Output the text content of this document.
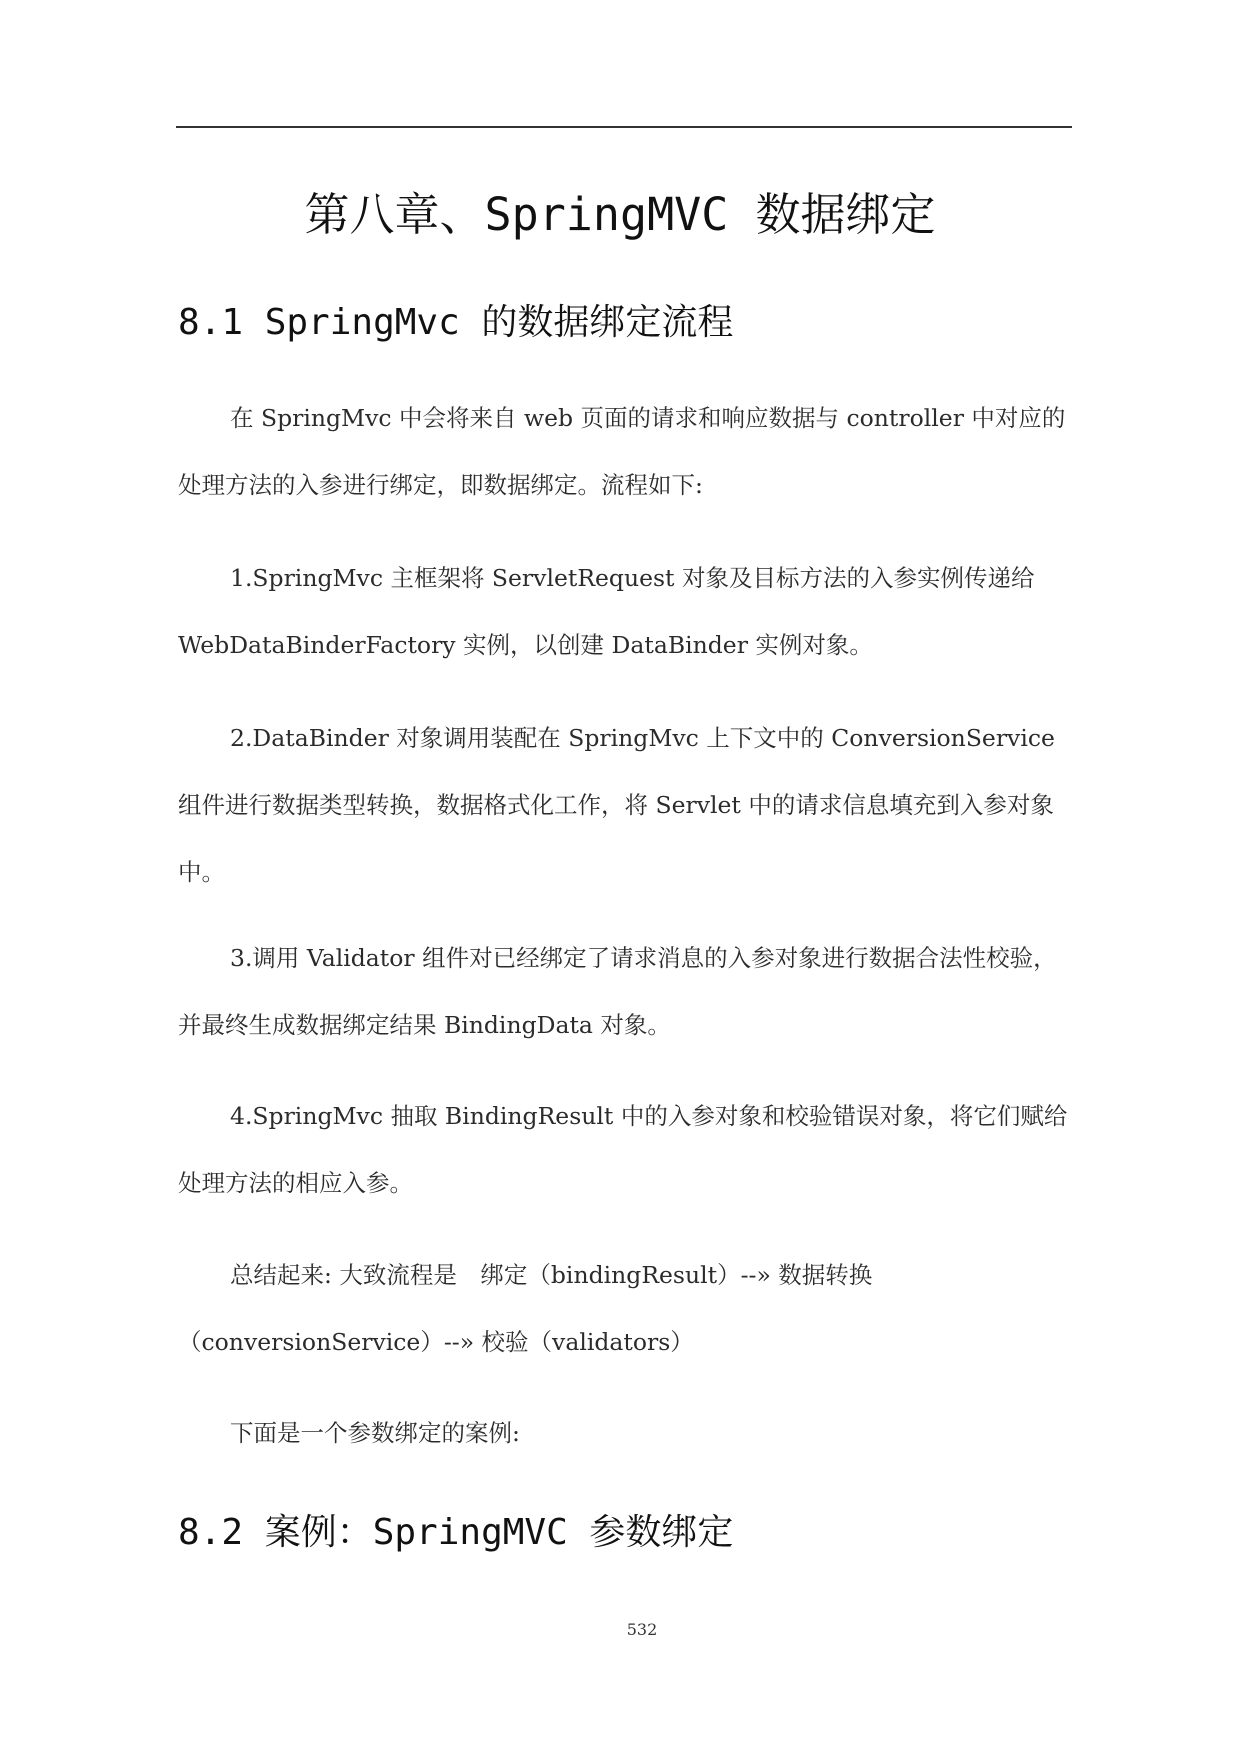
第八章、SpringMVC 数据绑定
8.1 SpringMvc 的数据绑定流程

在 SpringMvc 中会将来自 web 页面的请求和响应数据与 controller 中对应的处理方法的入参进行绑定，即数据绑定。流程如下:

1.SpringMvc 主框架将 ServletRequest 对象及目标方法的入参实例传递给 WebDataBinderFactory 实例，以创建 DataBinder 实例对象。

2.DataBinder 对象调用装配在 SpringMvc 上下文中的 ConversionService 组件进行数据类型转换，数据格式化工作，将 Servlet 中的请求信息填充到入参对象中。

3.调用 Validator 组件对已经绑定了请求消息的入参对象进行数据合法性校验，并最终生成数据绑定结果 BindingData 对象。

4.SpringMvc 抽取 BindingResult 中的入参对象和校验错误对象，将它们赋给处理方法的相应入参。

总结起来: 大致流程是　绑定（bindingResult）--» 数据转换（conversionService）--» 校验（validators）

下面是一个参数绑定的案例:

8.2 案例：SpringMVC 参数绑定
532
